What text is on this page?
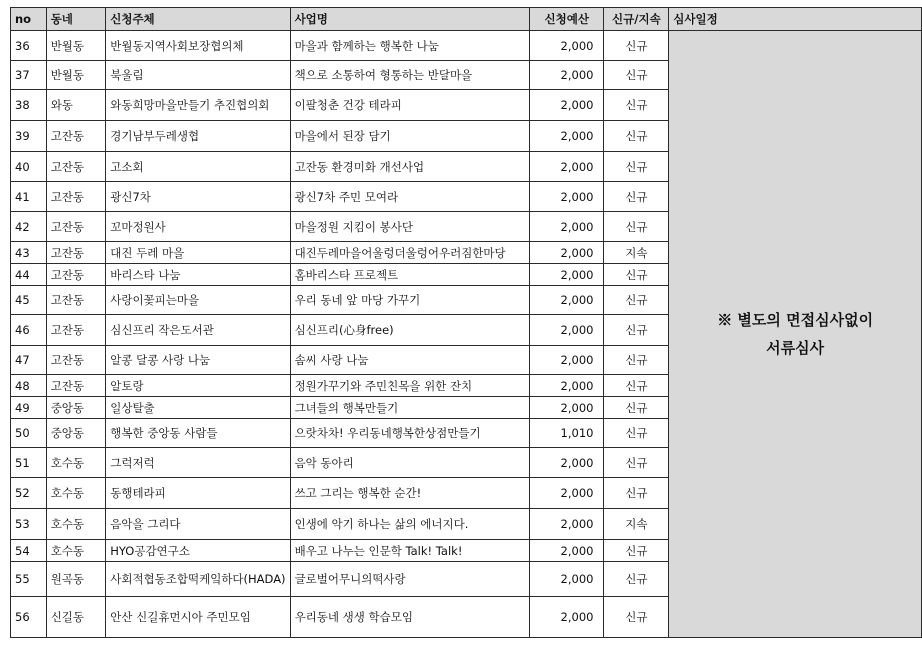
no	동네	신청주체	사업명	신청예산	신규/지속	심사일정
36	반월동	반월동지역사회보장협의체	마을과 함께하는 행복한 나눔	2,000	신규	※ 별도의 면접심사없이
서류심사

37	반월동	북울림	책으로 소통하여 형통하는 반달마을	2,000	신규	
38	와동	와동희망마을만들기 추진협의회	이팔청춘 건강 테라피	2,000	신규	
39	고잔동	경기남부두레생협	마을에서 된장 담기	2,000	신규	
40	고잔동	고소회	고잔동 환경미화 개선사업	2,000	신규	
41	고잔동	광신7차	광신7차 주민 모여라	2,000	신규	
42	고잔동	꼬마정원사	마을정원 지킴이 봉사단	2,000	신규	
43	고잔동	대진 두레 마을	대진두레마을어울렁더울렁어우러짐한마당	2,000	지속	
44	고잔동	바리스타 나눔	홈바리스타 프로젝트	2,000	신규	
45	고잔동	사랑이꽃피는마을	우리 동네 앞 마당 가꾸기	2,000	신규	
46	고잔동	심신프리 작은도서관	심신프리(心身free)	2,000	신규	
47	고잔동	알콩 달콩 사랑 나눔	솜씨 사랑 나눔	2,000	신규	
48	고잔동	알토랑	정원가꾸기와 주민친목을 위한 잔치	2,000	신규	
49	중앙동	일상탈출	그녀들의 행복만들기	2,000	신규	
50	중앙동	행복한 중앙동 사람들	으랏차차! 우리동네행복한상점만들기	1,010	신규	
51	호수동	그럭저럭	음악 동아리	2,000	신규	
52	호수동	동행테라피	쓰고 그리는 행복한 순간!	2,000	신규	
53	호수동	음악을 그리다	인생에 악기 하나는 삶의 에너지다.	2,000	지속	
54	호수동	HYO공감연구소	배우고 나누는 인문학 Talk! Talk!	2,000	신규	
55	원곡동	사회적협동조합떡케잌하다(HADA)	글로벌어무니의떡사랑	2,000	신규	
56	신길동	안산 신길휴먼시아 주민모임	우리동네 생생 학습모임	2,000	신규	
